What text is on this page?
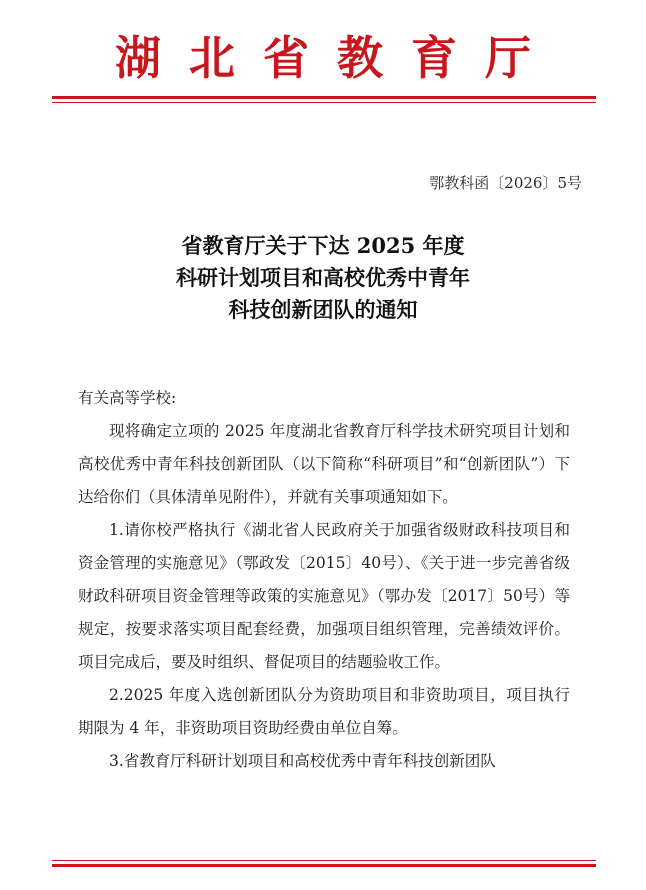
湖北省教育厅
鄂教科函〔2026〕5号
省教育厅关于下达 2025 年度
科研计划项目和高校优秀中青年
科技创新团队的通知

有关高等学校:

现将确定立项的 2025 年度湖北省教育厅科学技术研究项目计划和高校优秀中青年科技创新团队（以下简称“科研项目”和“创新团队”）下达给你们（具体清单见附件），并就有关事项通知如下。

1.请你校严格执行《湖北省人民政府关于加强省级财政科技项目和资金管理的实施意见》（鄂政发〔2015〕40号）、《关于进一步完善省级财政科研项目资金管理等政策的实施意见》（鄂办发〔2017〕50号）等规定，按要求落实项目配套经费，加强项目组织管理，完善绩效评价。项目完成后，要及时组织、督促项目的结题验收工作。

2.2025 年度入选创新团队分为资助项目和非资助项目，项目执行期限为 4 年，非资助项目资助经费由单位自筹。

3.省教育厅科研计划项目和高校优秀中青年科技创新团队
